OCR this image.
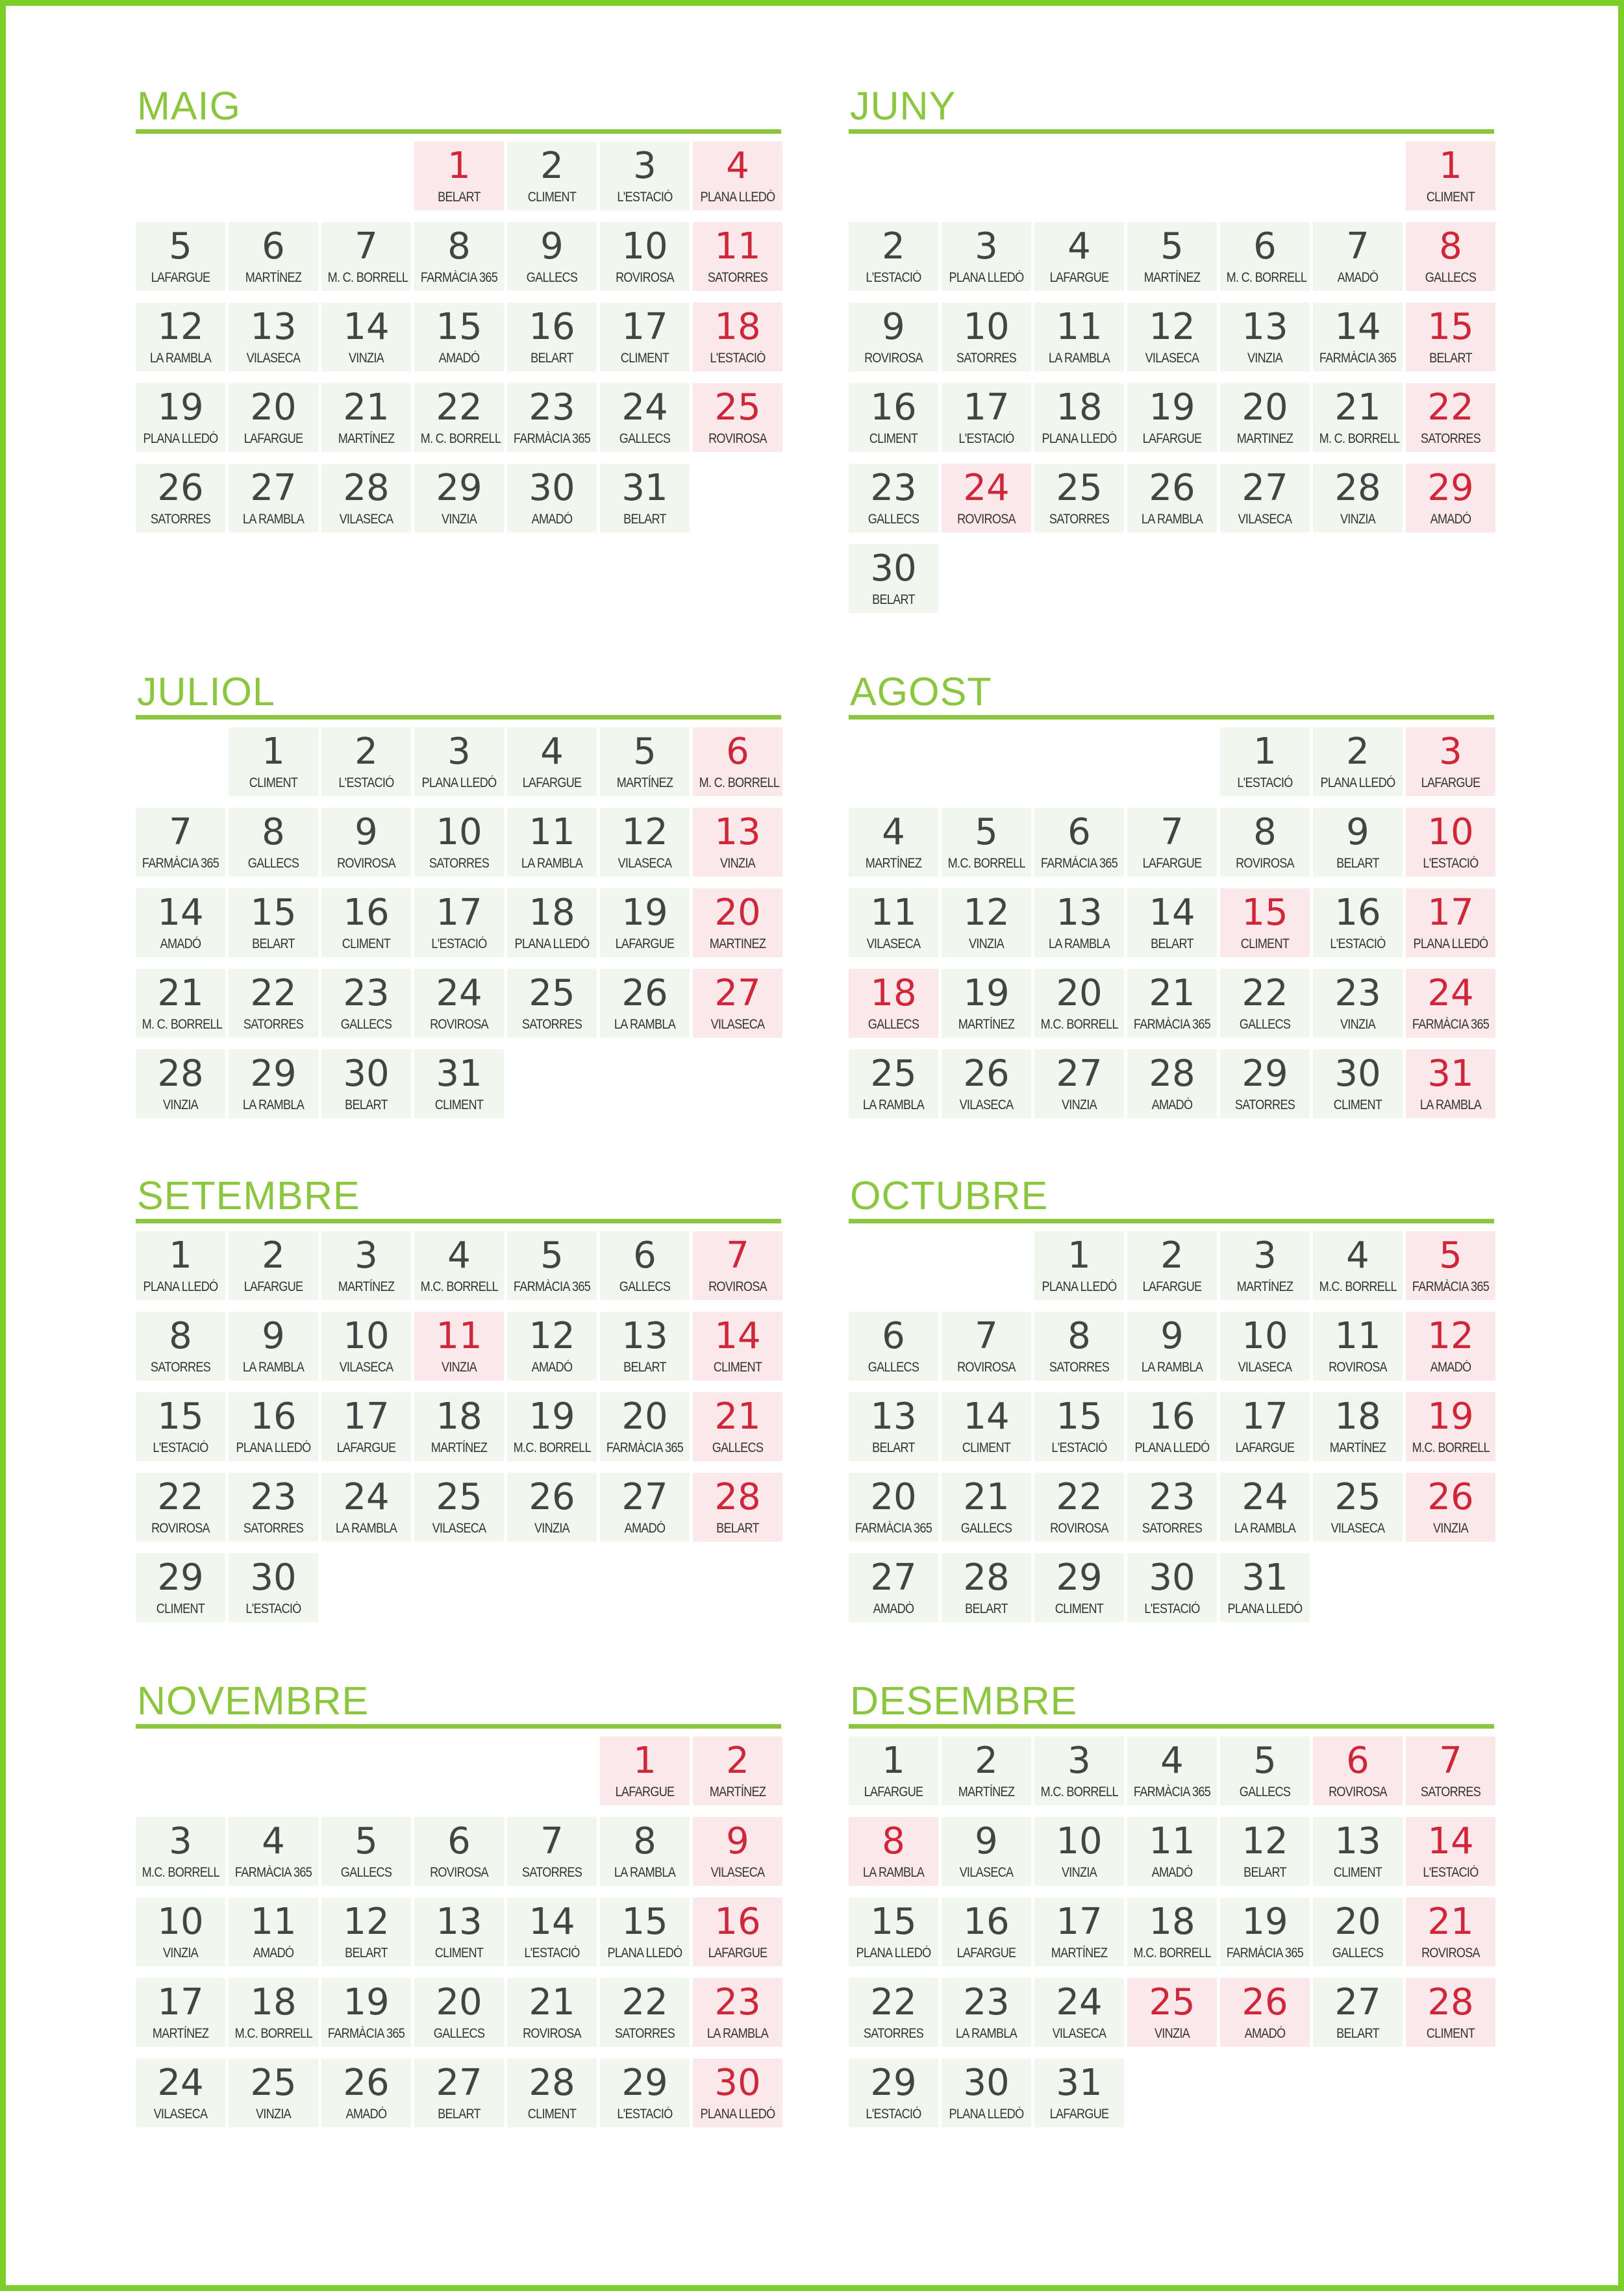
MAIG
1
BELART
2
CLIMENT
3
L'ESTACIÓ
4
PLANA LLEDÓ
5
LAFARGUE
6
MARTÍNEZ
7
M. C. BORRELL
8
FARMÀCIA 365
9
GALLECS
10
ROVIROSA
11
SATORRES
12
LA RAMBLA
13
VILASECA
14
VINZIA
15
AMADÓ
16
BELART
17
CLIMENT
18
L'ESTACIÓ
19
PLANA LLEDÓ
20
LAFARGUE
21
MARTÍNEZ
22
M. C. BORRELL
23
FARMÀCIA 365
24
GALLECS
25
ROVIROSA
26
SATORRES
27
LA RAMBLA
28
VILASECA
29
VINZIA
30
AMADÓ
31
BELART
JUNY
1
CLIMENT
2
L'ESTACIÓ
3
PLANA LLEDÓ
4
LAFARGUE
5
MARTÍNEZ
6
M. C. BORRELL
7
AMADÓ
8
GALLECS
9
ROVIROSA
10
SATORRES
11
LA RAMBLA
12
VILASECA
13
VINZIA
14
FARMÀCIA 365
15
BELART
16
CLIMENT
17
L'ESTACIÓ
18
PLANA LLEDÓ
19
LAFARGUE
20
MARTINEZ
21
M. C. BORRELL
22
SATORRES
23
GALLECS
24
ROVIROSA
25
SATORRES
26
LA RAMBLA
27
VILASECA
28
VINZIA
29
AMADÓ
30
BELART
JULIOL
1
CLIMENT
2
L'ESTACIÓ
3
PLANA LLEDÓ
4
LAFARGUE
5
MARTÍNEZ
6
M. C. BORRELL
7
FARMÀCIA 365
8
GALLECS
9
ROVIROSA
10
SATORRES
11
LA RAMBLA
12
VILASECA
13
VINZIA
14
AMADÓ
15
BELART
16
CLIMENT
17
L'ESTACIÓ
18
PLANA LLEDÓ
19
LAFARGUE
20
MARTINEZ
21
M. C. BORRELL
22
SATORRES
23
GALLECS
24
ROVIROSA
25
SATORRES
26
LA RAMBLA
27
VILASECA
28
VINZIA
29
LA RAMBLA
30
BELART
31
CLIMENT
AGOST
1
L'ESTACIÓ
2
PLANA LLEDÓ
3
LAFARGUE
4
MARTÍNEZ
5
M.C. BORRELL
6
FARMÀCIA 365
7
LAFARGUE
8
ROVIROSA
9
BELART
10
L'ESTACIÓ
11
VILASECA
12
VINZIA
13
LA RAMBLA
14
BELART
15
CLIMENT
16
L'ESTACIÓ
17
PLANA LLEDÓ
18
GALLECS
19
MARTÍNEZ
20
M.C. BORRELL
21
FARMÀCIA 365
22
GALLECS
23
VINZIA
24
FARMÀCIA 365
25
LA RAMBLA
26
VILASECA
27
VINZIA
28
AMADÓ
29
SATORRES
30
CLIMENT
31
LA RAMBLA
SETEMBRE
1
PLANA LLEDÓ
2
LAFARGUE
3
MARTÍNEZ
4
M.C. BORRELL
5
FARMÀCIA 365
6
GALLECS
7
ROVIROSA
8
SATORRES
9
LA RAMBLA
10
VILASECA
11
VINZIA
12
AMADÓ
13
BELART
14
CLIMENT
15
L'ESTACIÓ
16
PLANA LLEDÓ
17
LAFARGUE
18
MARTÍNEZ
19
M.C. BORRELL
20
FARMÀCIA 365
21
GALLECS
22
ROVIROSA
23
SATORRES
24
LA RAMBLA
25
VILASECA
26
VINZIA
27
AMADÓ
28
BELART
29
CLIMENT
30
L'ESTACIÓ
OCTUBRE
1
PLANA LLEDÓ
2
LAFARGUE
3
MARTÍNEZ
4
M.C. BORRELL
5
FARMÀCIA 365
6
GALLECS
7
ROVIROSA
8
SATORRES
9
LA RAMBLA
10
VILASECA
11
ROVIROSA
12
AMADÓ
13
BELART
14
CLIMENT
15
L'ESTACIÓ
16
PLANA LLEDÓ
17
LAFARGUE
18
MARTÍNEZ
19
M.C. BORRELL
20
FARMÀCIA 365
21
GALLECS
22
ROVIROSA
23
SATORRES
24
LA RAMBLA
25
VILASECA
26
VINZIA
27
AMADÓ
28
BELART
29
CLIMENT
30
L'ESTACIÓ
31
PLANA LLEDÓ
NOVEMBRE
1
LAFARGUE
2
MARTÍNEZ
3
M.C. BORRELL
4
FARMÀCIA 365
5
GALLECS
6
ROVIROSA
7
SATORRES
8
LA RAMBLA
9
VILASECA
10
VINZIA
11
AMADÓ
12
BELART
13
CLIMENT
14
L'ESTACIÓ
15
PLANA LLEDÓ
16
LAFARGUE
17
MARTÍNEZ
18
M.C. BORRELL
19
FARMÀCIA 365
20
GALLECS
21
ROVIROSA
22
SATORRES
23
LA RAMBLA
24
VILASECA
25
VINZIA
26
AMADÓ
27
BELART
28
CLIMENT
29
L'ESTACIÓ
30
PLANA LLEDÓ
DESEMBRE
1
LAFARGUE
2
MARTÍNEZ
3
M.C. BORRELL
4
FARMÀCIA 365
5
GALLECS
6
ROVIROSA
7
SATORRES
8
LA RAMBLA
9
VILASECA
10
VINZIA
11
AMADÓ
12
BELART
13
CLIMENT
14
L'ESTACIÓ
15
PLANA LLEDÓ
16
LAFARGUE
17
MARTÍNEZ
18
M.C. BORRELL
19
FARMÀCIA 365
20
GALLECS
21
ROVIROSA
22
SATORRES
23
LA RAMBLA
24
VILASECA
25
VINZIA
26
AMADÓ
27
BELART
28
CLIMENT
29
L'ESTACIÓ
30
PLANA LLEDÓ
31
LAFARGUE
